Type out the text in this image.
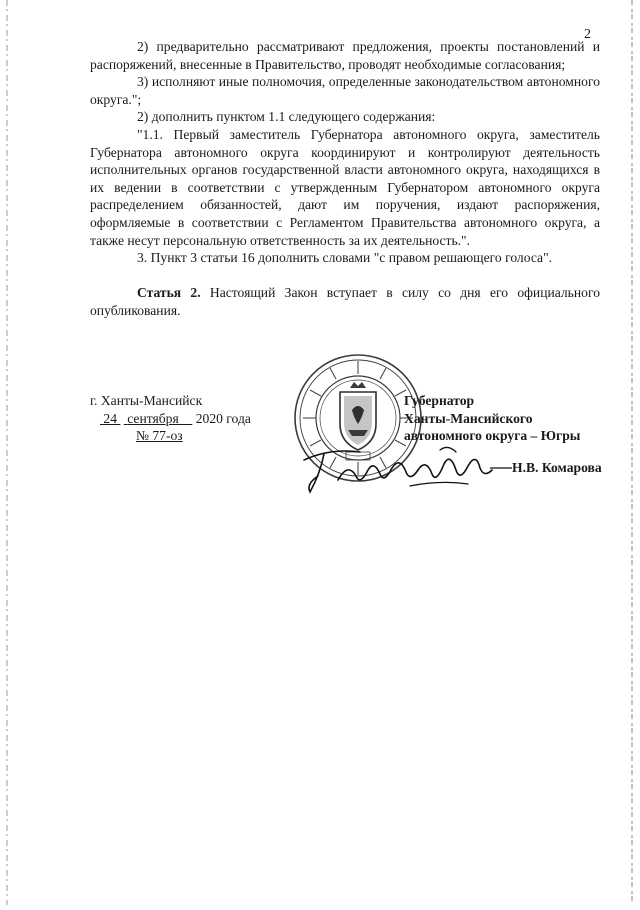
2

2) предварительно рассматривают предложения, проекты постановлений и распоряжений, внесенные в Правительство, проводят необходимые согласования;

3) исполняют иные полномочия, определенные законодательством автономного округа.";

2) дополнить пунктом 1.1 следующего содержания:

"1.1. Первый заместитель Губернатора автономного округа, заместитель Губернатора автономного округа координируют и контролируют деятельность исполнительных органов государственной власти автономного округа, находящихся в их ведении в соответствии с утвержденным Губернатором автономного округа распределением обязанностей, дают им поручения, издают распоряжения, оформляемые в соответствии с Регламентом Правительства автономного округа, а также несут персональную ответственность за их деятельность.".

3. Пункт 3 статьи 16 дополнить словами "с правом решающего голоса".

Статья 2. Настоящий Закон вступает в силу со дня его официального опубликования.

г. Ханты-Мансийск
24 сентября 2020 года
№ 77-оз
Губернатор
Ханты-Мансийского
автономного округа – Югры
Н.В. Комарова
